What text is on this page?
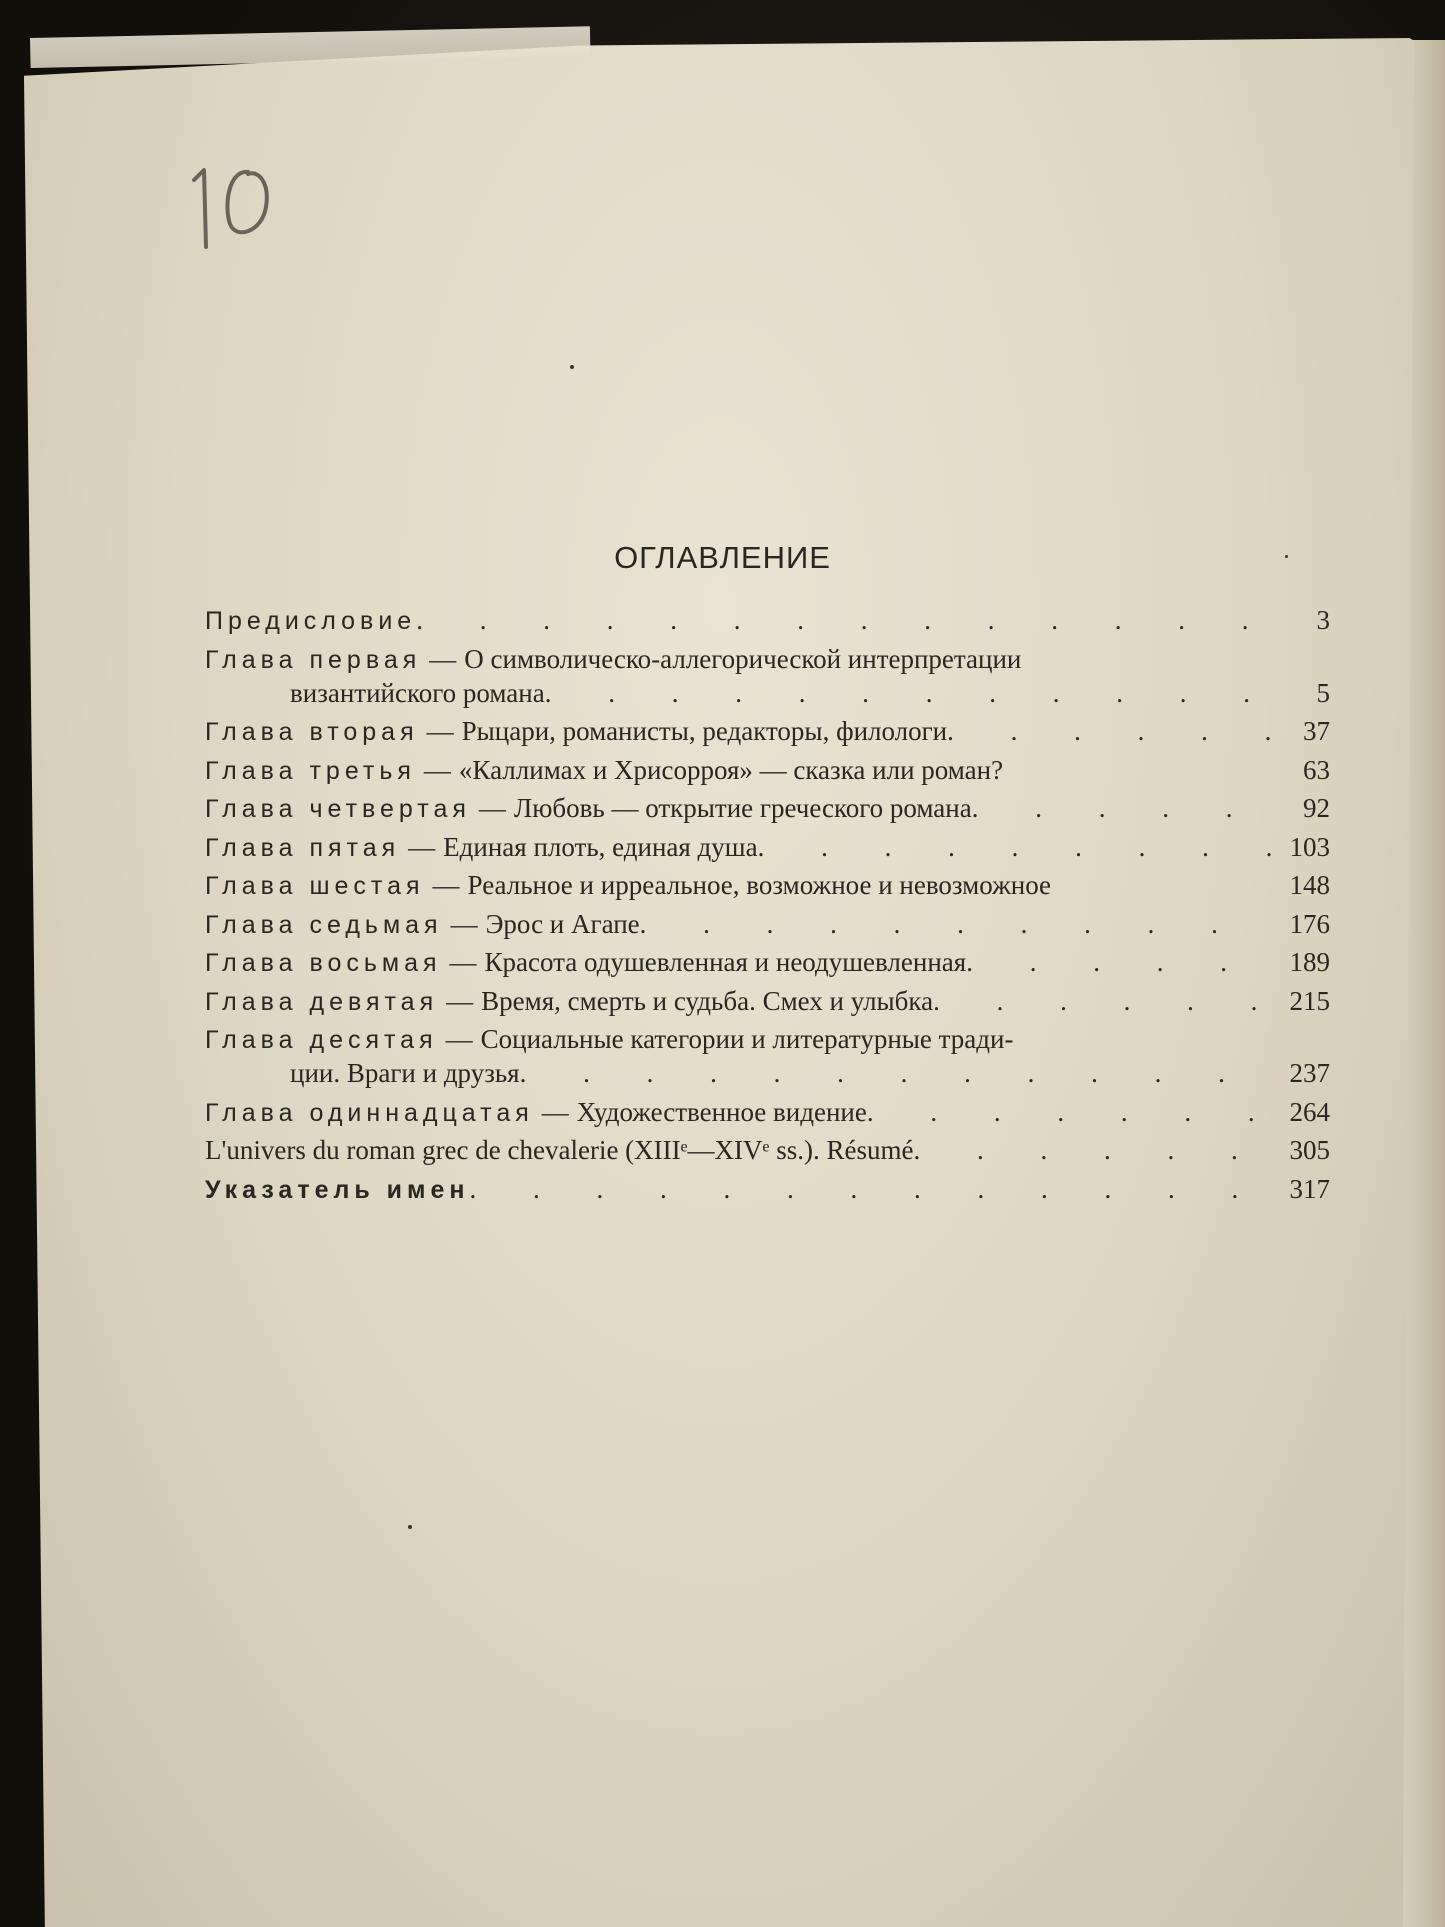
ОГЛАВЛЕНИЕ
Предисловие . . .	3
Глава первая — О символическо-аллегорической интерпретации
византийского романа . . .	5
Глава вторая — Рыцари, романисты, редакторы, филологи . . .	37
Глава третья — «Каллимах и Хрисорроя» — сказка или роман?	63
Глава четвертая — Любовь — открытие греческого романа . . .	92
Глава пятая — Единая плоть, единая душа . . .	103
Глава шестая — Реальное и ирреальное, возможное и невозможное	148
Глава седьмая — Эрос и Агапе . . .	176
Глава восьмая — Красота одушевленная и неодушевленная . . .	189
Глава девятая — Время, смерть и судьба. Смех и улыбка . . .	215
Глава десятая — Социальные категории и литературные тради-
ции. Враги и друзья . . .	237
Глава одиннадцатая — Художественное видение . . .	264
L'univers du roman grec de chevalerie (XIIIᵉ—XIVᵉ ss.). Résumé . . .	305
Указатель имен . . .	317
